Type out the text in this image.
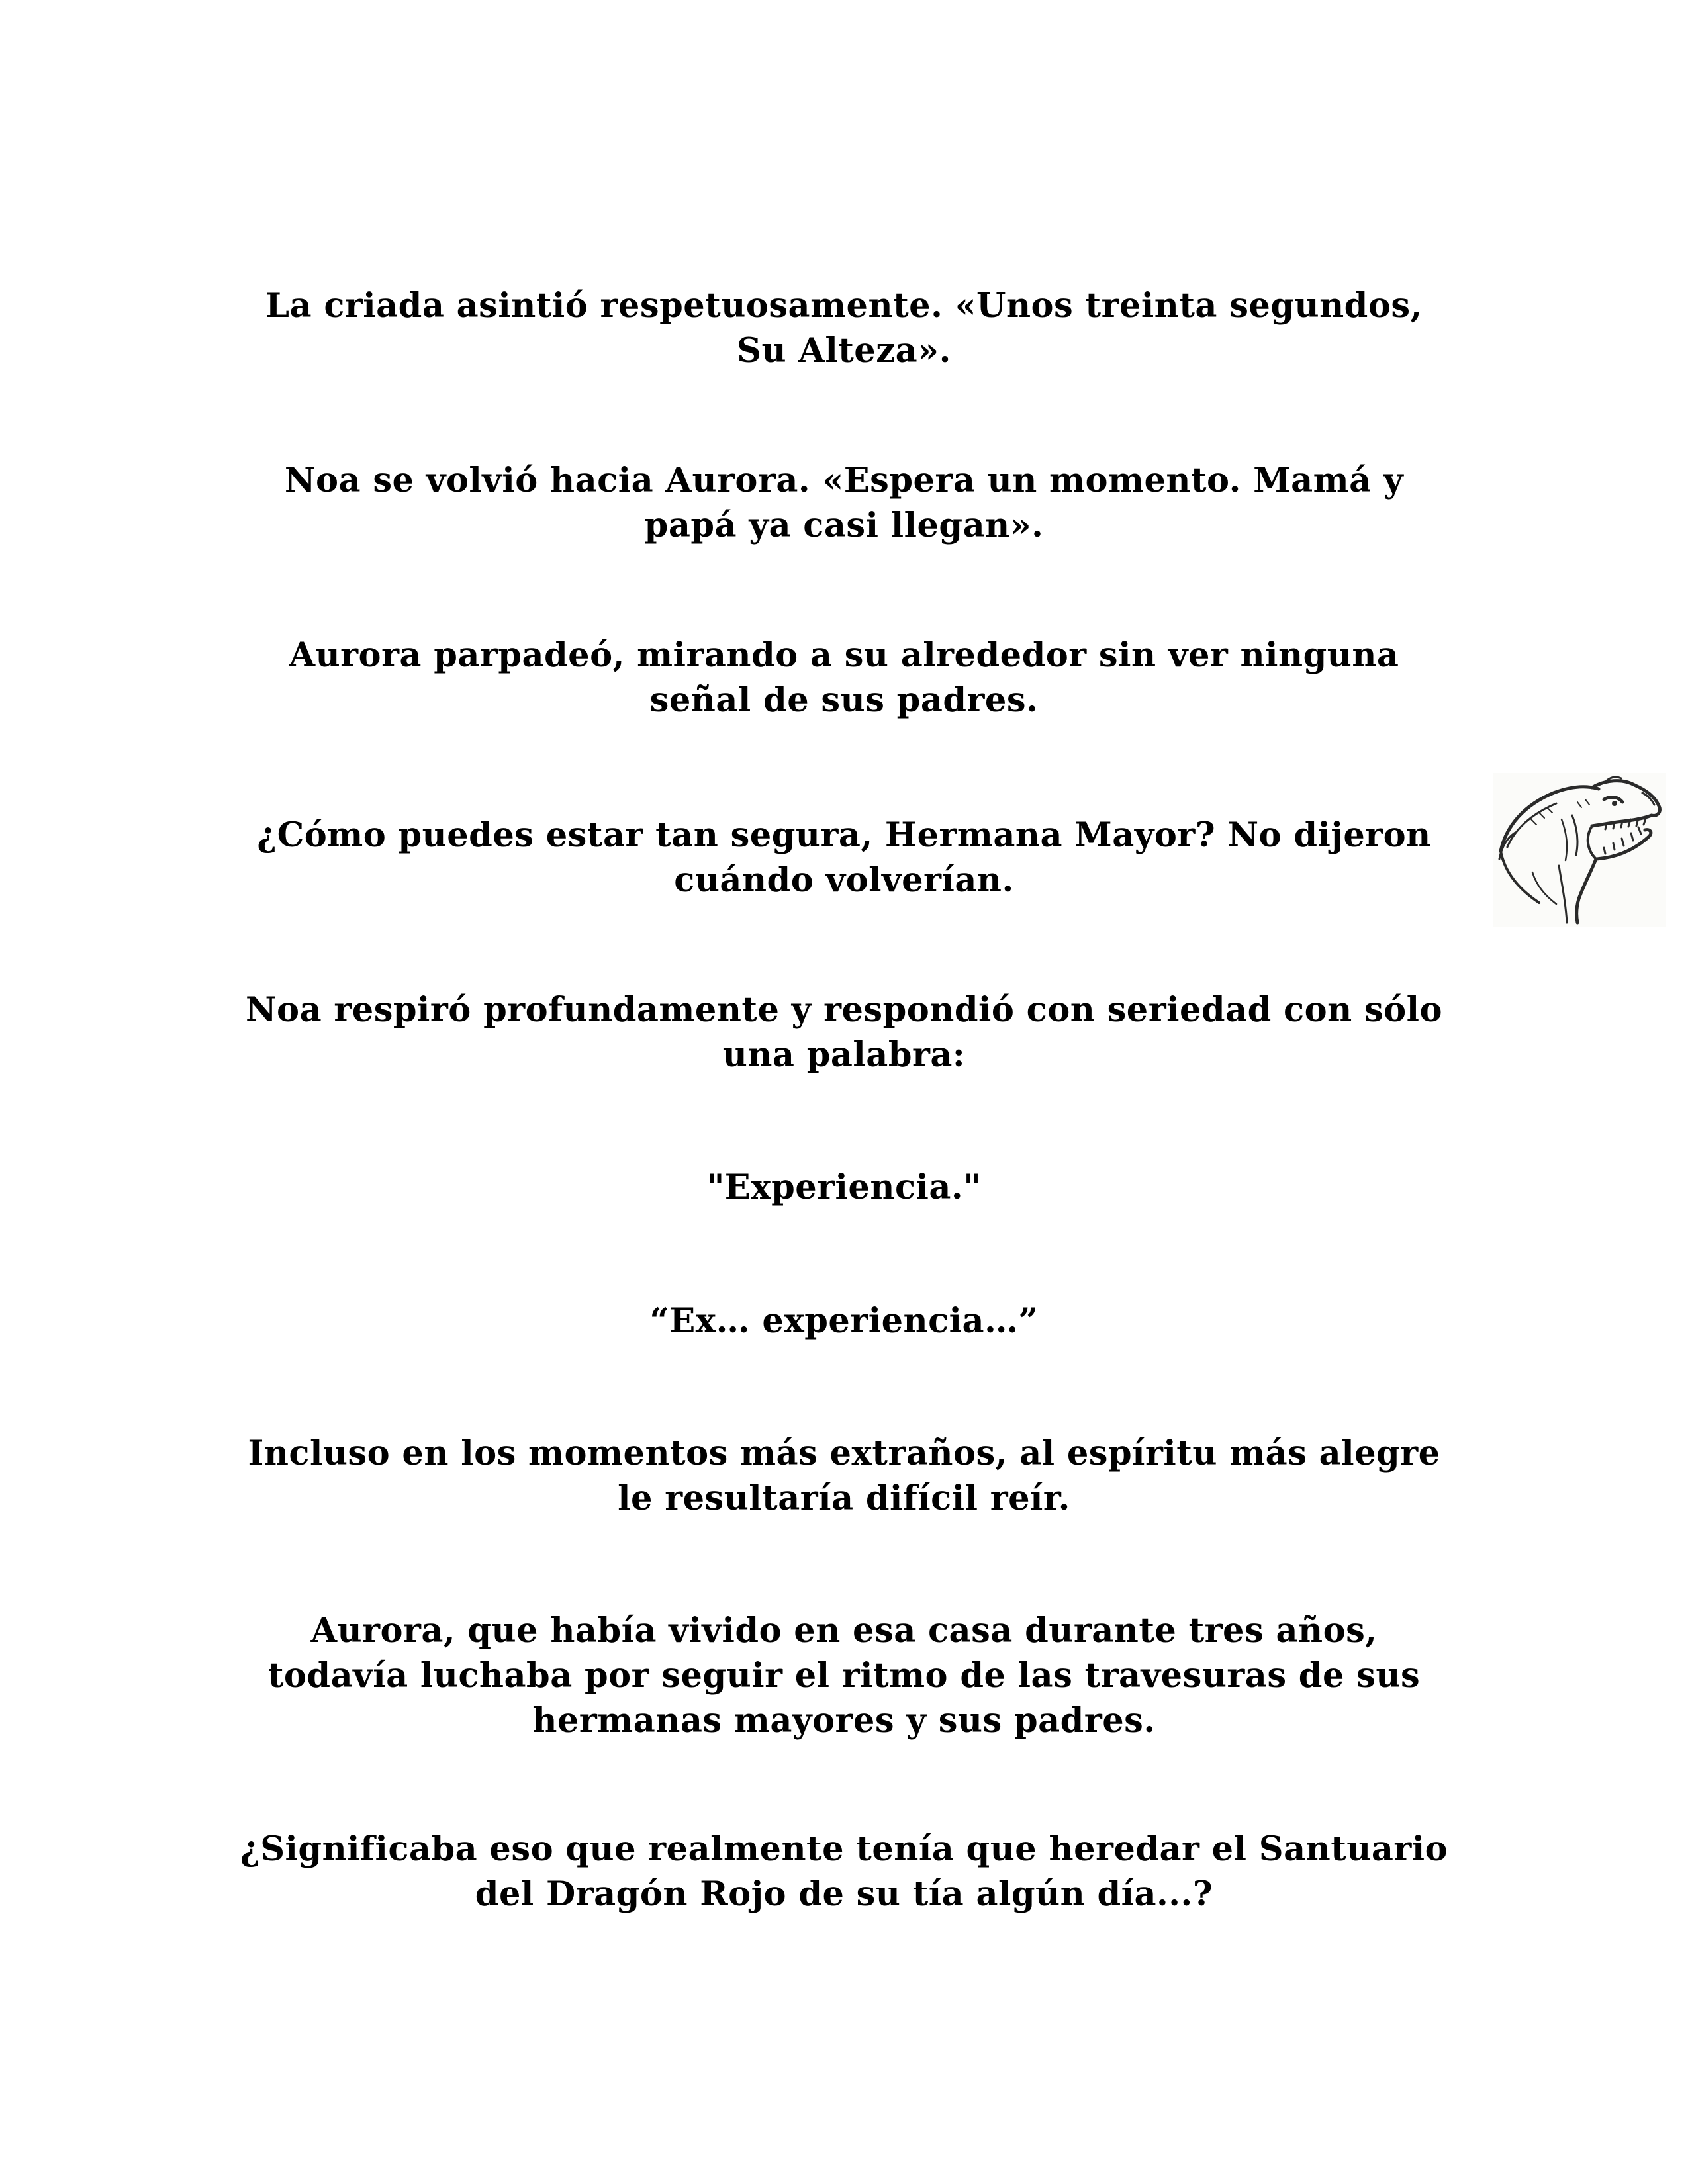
La criada asintió respetuosamente. «Unos treinta segundos,
Su Alteza».

Noa se volvió hacia Aurora. «Espera un momento. Mamá y
papá ya casi llegan».

Aurora parpadeó, mirando a su alrededor sin ver ninguna
señal de sus padres.

¿Cómo puedes estar tan segura, Hermana Mayor? No dijeron
cuándo volverían.

Noa respiró profundamente y respondió con seriedad con sólo
una palabra:

"Experiencia."

“Ex… experiencia…”

Incluso en los momentos más extraños, al espíritu más alegre
le resultaría difícil reír.

Aurora, que había vivido en esa casa durante tres años,
todavía luchaba por seguir el ritmo de las travesuras de sus
hermanas mayores y sus padres.

¿Significaba eso que realmente tenía que heredar el Santuario
del Dragón Rojo de su tía algún día...?
